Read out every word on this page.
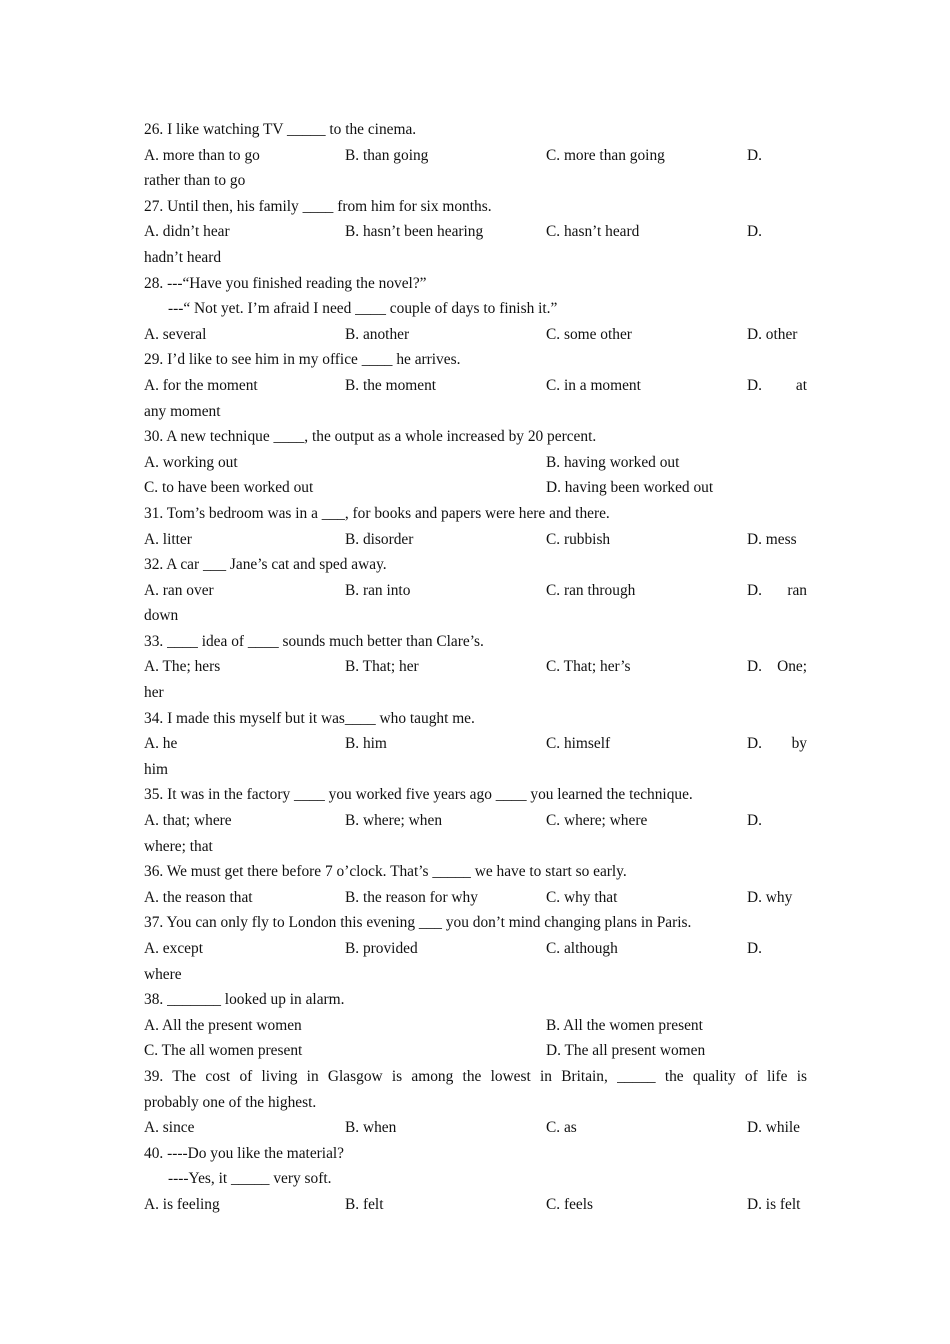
26. I like watching TV _____ to the cinema.
A. more than to go	B. than going	C. more than going	D.
rather than to go
27. Until then, his family ____ from him for six months.
A. didn’t hear	B. hasn’t been hearing	C. hasn’t heard	D.
hadn’t heard
28. ---“Have you finished reading the novel?”
---“ Not yet. I’m afraid I need ____ couple of days to finish it.”
A. several	B. another	C. some other	D. other
29. I’d like to see him in my office ____ he arrives.
A. for the moment	B. the moment	C. in a moment	D. at
any moment
30. A new technique ____, the output as a whole increased by 20 percent.
A. working out	B. having worked out
C. to have been worked out	D. having been worked out
31. Tom’s bedroom was in a ___, for books and papers were here and there.
A. litter	B. disorder	C. rubbish	D. mess
32. A car ___ Jane’s cat and sped away.
A. ran over	B. ran into	C. ran through	D. ran
down
33. ____ idea of ____ sounds much better than Clare’s.
A. The; hers	B. That; her	C. That; her’s	D. One;
her
34. I made this myself but it was____ who taught me.
A. he	B. him	C. himself	D. by
him
35. It was in the factory ____ you worked five years ago ____ you learned the technique.
A. that; where	B. where; when	C. where; where	D.
where; that
36. We must get there before 7 o’clock. That’s _____ we have to start so early.
A. the reason that	B. the reason for why	C. why that	D. why
37. You can only fly to London this evening ___ you don’t mind changing plans in Paris.
A. except	B. provided	C. although	D.
where
38. _______ looked up in alarm.
A. All the present women	B. All the women present
C. The all women present	D. The all present women
39. The cost of living in Glasgow is among the lowest in Britain, _____ the quality of life is
probably one of the highest.
A. since	B. when	C. as	D. while
40. ----Do you like the material?
----Yes, it _____ very soft.
A. is feeling	B. felt	C. feels	D. is felt
